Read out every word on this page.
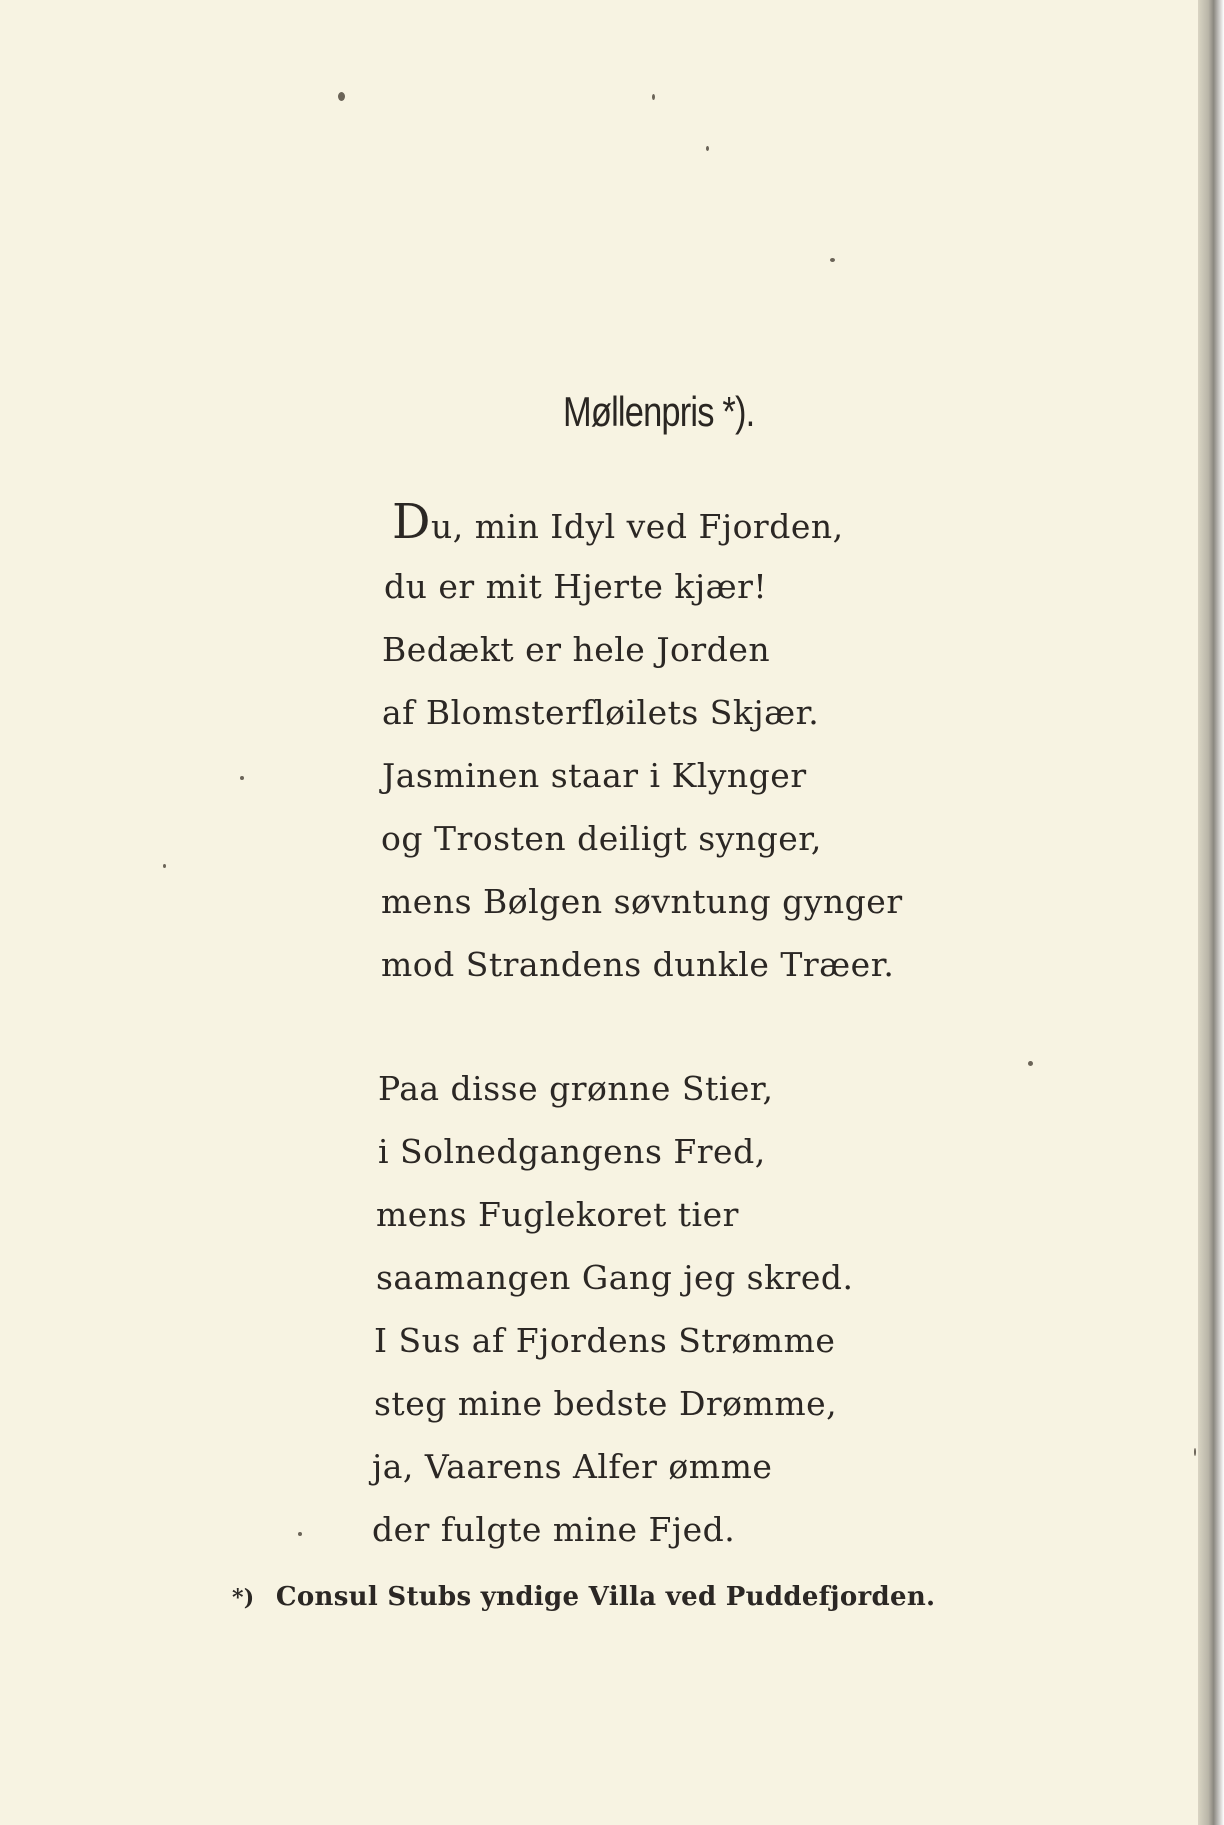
Møllenpris *).
Du, min Idyl ved Fjorden,
du er mit Hjerte kjær!
Bedækt er hele Jorden
af Blomsterfløilets Skjær.
Jasminen staar i Klynger
og Trosten deiligt synger,
mens Bølgen søvntung gynger
mod Strandens dunkle Træer.
Paa disse grønne Stier,
i Solnedgangens Fred,
mens Fuglekoret tier
saamangen Gang jeg skred.
I Sus af Fjordens Strømme
steg mine bedste Drømme,
ja, Vaarens Alfer ømme
der fulgte mine Fjed.
*) Consul Stubs yndige Villa ved Puddefjorden.
